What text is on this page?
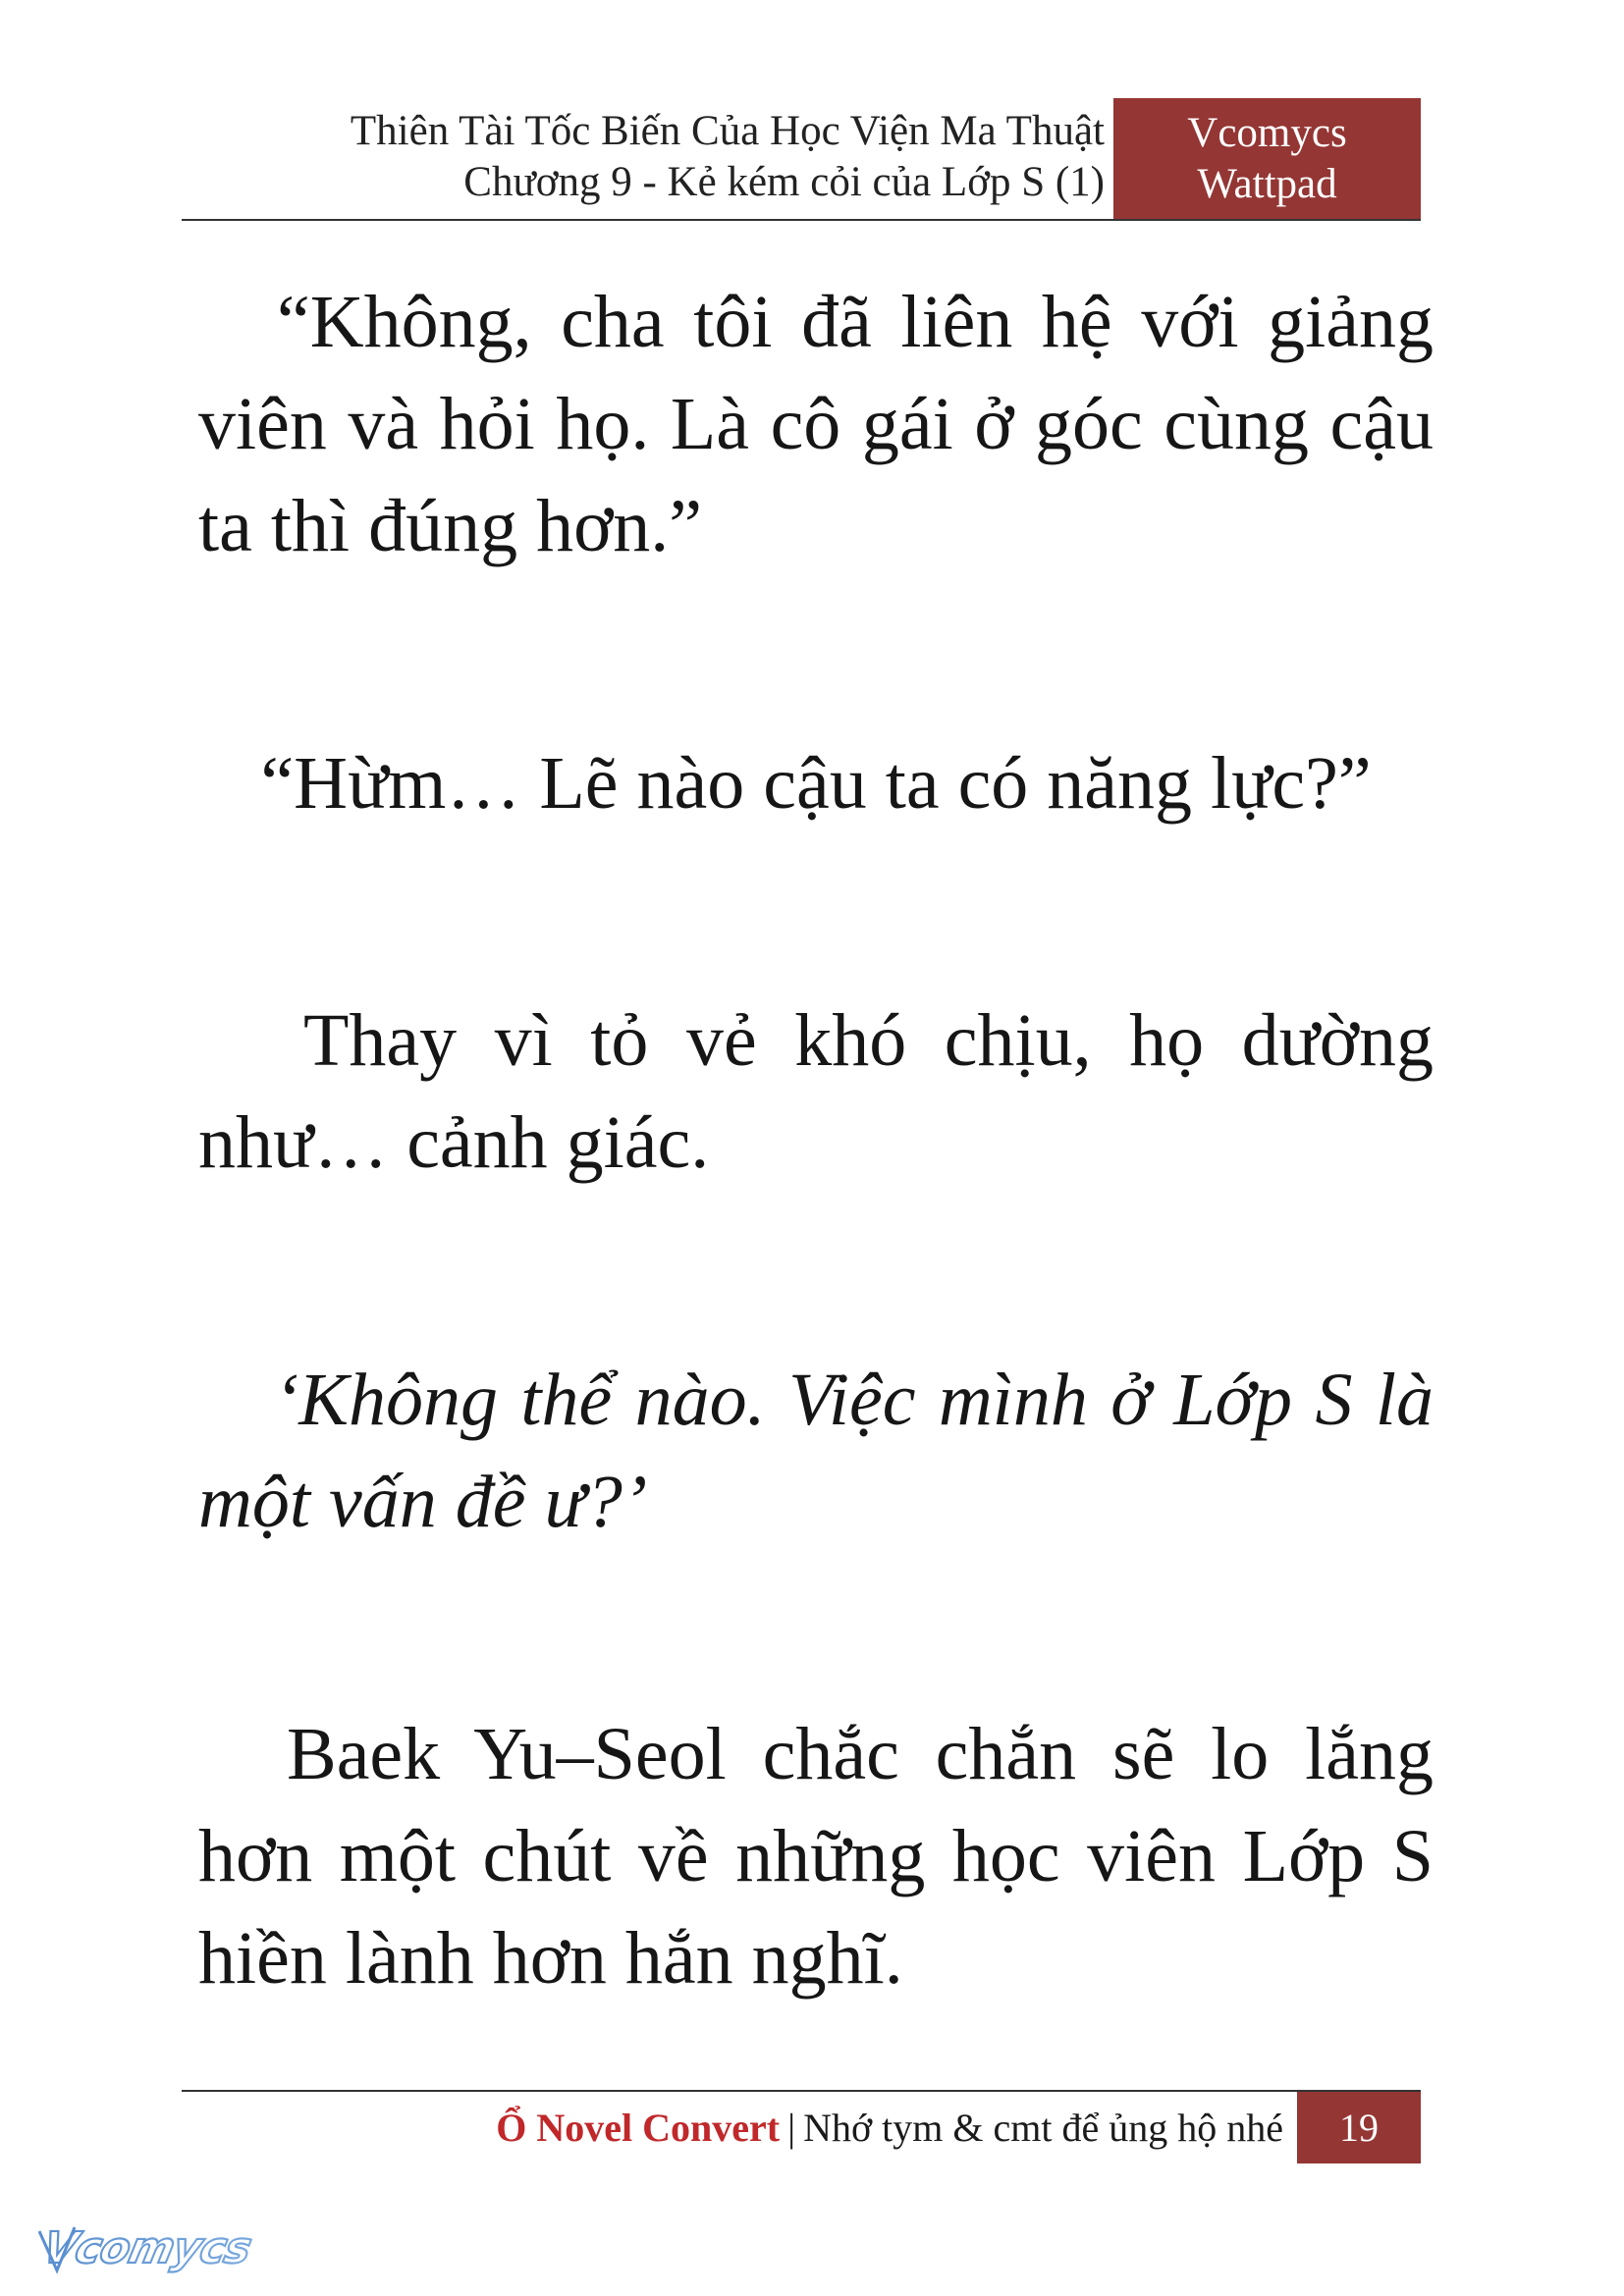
Thiên Tài Tốc Biến Của Học Viện Ma Thuật
Chương 9 - Kẻ kém cỏi của Lớp S (1)
Vcomycs
Wattpad
“Không, cha tôi đã liên hệ với giảng viên và hỏi họ. Là cô gái ở góc cùng cậu ta thì đúng hơn.”
“Hừm… Lẽ nào cậu ta có năng lực?”
Thay vì tỏ vẻ khó chịu, họ dường như… cảnh giác.
‘Không thể nào. Việc mình ở Lớp S là một vấn đề ư?’
Baek Yu–Seol chắc chắn sẽ lo lắng hơn một chút về những học viên Lớp S hiền lành hơn hắn nghĩ.
Ổ Novel Convert | Nhớ tym & cmt để ủng hộ nhé	19
Vcomycs
